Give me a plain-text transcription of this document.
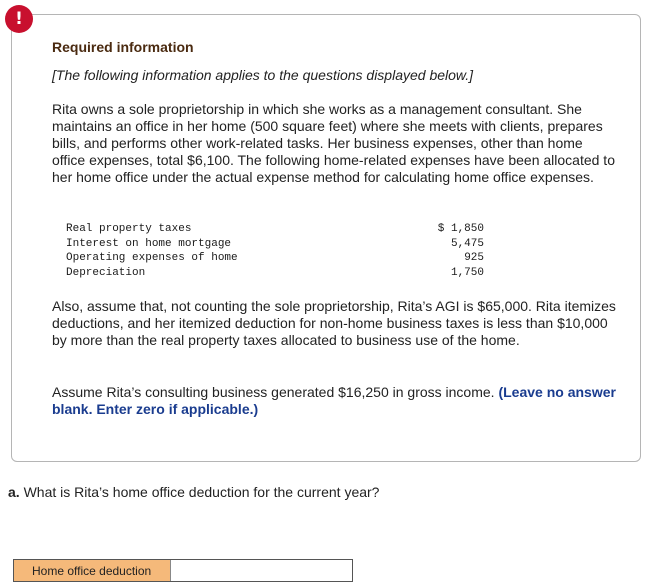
!
Required information
[The following information applies to the questions displayed below.]
Rita owns a sole proprietorship in which she works as a management consultant. She maintains an office in her home (500 square feet) where she meets with clients, prepares bills, and performs other work-related tasks. Her business expenses, other than home office expenses, total $6,100. The following home-related expenses have been allocated to her home office under the actual expense method for calculating home office expenses.
Real property taxes	$ 1,850
Interest on home mortgage	5,475
Operating expenses of home	925
Depreciation	1,750
Also, assume that, not counting the sole proprietorship, Rita’s AGI is $65,000. Rita itemizes deductions, and her itemized deduction for non-home business taxes is less than $10,000 by more than the real property taxes allocated to business use of the home.
Assume Rita’s consulting business generated $16,250 in gross income. (Leave no answer blank. Enter zero if applicable.)
a. What is Rita’s home office deduction for the current year?
Home office deduction
